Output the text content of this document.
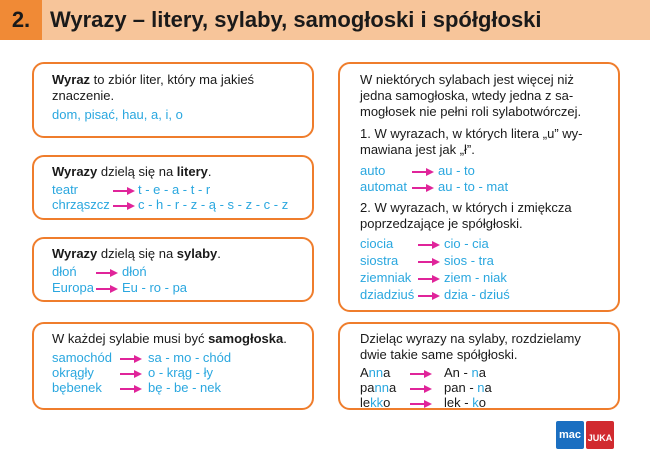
2. Wyrazy – litery, sylaby, samogłoski i spółgłoski
Wyraz to zbiór liter, który ma jakieś
znaczenie.
dom, pisać, hau, a, i, o
Wyrazy dzielą się na litery.
teatr	t - e - a - t - r
chrząszcz c - h - r - z - ą - s - z - c - z
Wyrazy dzielą się na sylaby.
dłoń	dłoń
Europa Eu - ro - pa
W każdej sylabie musi być samogłoska.
samochód	sa - mo - chód
okrągły	o - krąg - ły
bębenek	bę - be - nek
W niektórych sylabach jest więcej niż
jedna samogłoska, wtedy jedna z sa-
mogłosek nie pełni roli sylabotwórczej.
1. W wyrazach, w których litera „u” wy-
mawiana jest jak „ł”.
auto	au - to
automat au - to - mat
2. W wyrazach, w których i zmiękcza
poprzedzające je spółgłoski.
ciocia	cio - cia
siostra	sios - tra
ziemniak	ziem - niak
dziadziuś dzia - dziuś
Dzieląc wyrazy na sylaby, rozdzielamy
dwie takie same spółgłoski.
Anna	An - na
panna	pan - na
lekko	lek - ko
mac JUKA
